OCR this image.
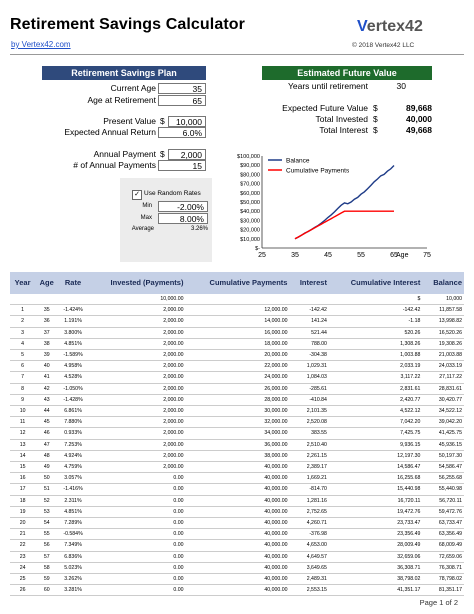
Retirement Savings Calculator
by Vertex42.com
Vertex42
© 2018 Vertex42 LLC
Retirement Savings Plan
Current Age	35
Age at Retirement	65
Present Value $	10,000
Expected Annual Return	6.0%
Annual Payment $	2,000
# of Annual Payments	15
✓ Use Random Rates
Min	-2.00%
Max	8.00%
Average	3.26%
Estimated Future Value
Years until retirement	30
Expected Future Value $	89,668
Total Invested $	40,000
Total Interest $	49,668
$-
$10,000
$20,000
$30,000
$40,000
$50,000
$60,000
$70,000
$80,000
$90,000
$100,000
25	35	45	55	65	75
Age
Balance
Cumulative Payments
Year	Age	Rate	Invested (Payments)	Cumulative Payments	Interest	Cumulative Interest	Balance
			10,000.00			$	10,000
1	35	-1.424%	2,000.00	12,000.00	-142.42	-142.42	11,857.58
2	36	1.191%	2,000.00	14,000.00	141.24	-1.18	13,998.82
3	37	3.800%	2,000.00	16,000.00	521.44	520.26	16,520.26
4	38	4.851%	2,000.00	18,000.00	788.00	1,308.26	19,308.26
5	39	-1.589%	2,000.00	20,000.00	-304.38	1,003.88	21,003.88
6	40	4.958%	2,000.00	22,000.00	1,029.31	2,033.19	24,033.19
7	41	4.528%	2,000.00	24,000.00	1,084.03	3,117.22	27,117.22
8	42	-1.050%	2,000.00	26,000.00	-285.61	2,831.61	28,831.61
9	43	-1.428%	2,000.00	28,000.00	-410.84	2,420.77	30,420.77
10	44	6.861%	2,000.00	30,000.00	2,101.35	4,522.12	34,522.12
11	45	7.880%	2,000.00	32,000.00	2,520.08	7,042.20	39,042.20
12	46	0.933%	2,000.00	34,000.00	383.55	7,425.75	41,425.75
13	47	7.253%	2,000.00	36,000.00	2,510.40	9,936.15	45,936.15
14	48	4.924%	2,000.00	38,000.00	2,261.15	12,197.30	50,197.30
15	49	4.759%	2,000.00	40,000.00	2,389.17	14,586.47	54,586.47
16	50	3.057%	0.00	40,000.00	1,669.21	16,255.68	56,255.68
17	51	-1.416%	0.00	40,000.00	-814.70	15,440.98	55,440.98
18	52	2.311%	0.00	40,000.00	1,281.16	16,720.11	56,720.11
19	53	4.851%	0.00	40,000.00	2,752.65	19,472.76	59,472.76
20	54	7.289%	0.00	40,000.00	4,260.71	23,733.47	63,733.47
21	55	-0.584%	0.00	40,000.00	-376.98	23,356.49	63,356.49
22	56	7.349%	0.00	40,000.00	4,653.00	28,009.49	68,009.49
23	57	6.836%	0.00	40,000.00	4,649.57	32,659.06	72,659.06
24	58	5.023%	0.00	40,000.00	3,649.65	36,308.71	76,308.71
25	59	3.262%	0.00	40,000.00	2,489.31	38,798.02	78,798.02
26	60	3.281%	0.00	40,000.00	2,553.15	41,351.17	81,351.17
Page 1 of 2
